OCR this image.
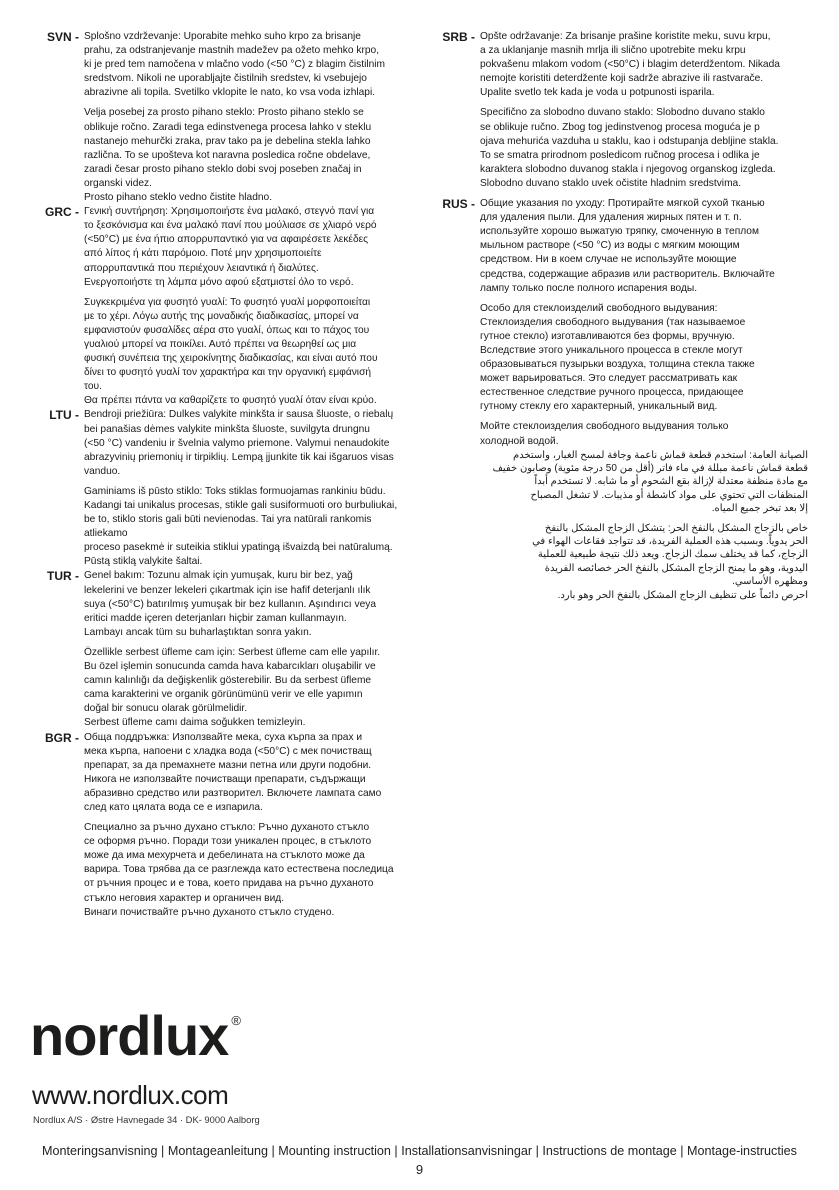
SVN - Splošno vzdrževanje: Uporabite mehko suho krpo za brisanje
prahu, za odstranjevanje mastnih madežev pa ožeto mehko krpo,
ki je pred tem namočena v mlačno vodo (<50 °C) z blagim čistilnim
sredstvom. Nikoli ne uporabljajte čistilnih sredstev, ki vsebujejo
abrazivne ali topila. Svetilko vklopite le nato, ko vsa voda izhlapi.

Velja posebej za prosto pihano steklo: Prosto pihano steklo se
oblikuje ročno. Zaradi tega edinstvenega procesa lahko v steklu
nastanejo mehurčki zraka, prav tako pa je debelina stekla lahko
različna. To se upošteva kot naravna posledica ročne obdelave,
zaradi česar prosto pihano steklo dobi svoj poseben značaj in
organski videz.
Prosto pihano steklo vedno čistite hladno.

GRC - Γενική συντήρηση: Χρησιμοποιήστε ένα μαλακό, στεγνό πανί για
το ξεσκόνισμα και ένα μαλακό πανί που μούλιασε σε χλιαρό νερό
(<50°C) με ένα ήπιο απορρυπαντικό για να αφαιρέσετε λεκέδες
από λίπος ή κάτι παρόμοιο. Ποτέ μην χρησιμοποιείτε
απορρυπαντικά που περιέχουν λειαντικά ή διαλύτες.
Ενεργοποιήστε τη λάμπα μόνο αφού εξατμιστεί όλο το νερό.

Συγκεκριμένα για φυσητό γυαλί: Το φυσητό γυαλί μορφοποιείται
με το χέρι. Λόγω αυτής της μοναδικής διαδικασίας, μπορεί να
εμφανιστούν φυσαλίδες αέρα στο γυαλί, όπως και το πάχος του
γυαλιού μπορεί να ποικίλει. Αυτό πρέπει να θεωρηθεί ως μια
φυσική συνέπεια της χειροκίνητης διαδικασίας, και είναι αυτό που
δίνει το φυσητό γυαλί τον χαρακτήρα και την οργανική εμφάνισή
του.
Θα πρέπει πάντα να καθαρίζετε το φυσητό γυαλί όταν είναι κρύο.

LTU - Bendroji priežiūra: Dulkes valykite minkšta ir sausa šluoste, o riebalų
bei panašias dėmes valykite minkšta šluoste, suvilgyta drungnu
(<50 °C) vandeniu ir švelnia valymo priemone. Valymui nenaudokite
abrazyvinių priemonių ir tirpiklių. Lempą įjunkite tik kai išgaruos visas
vanduo.

Gaminiams iš pūsto stiklo: Toks stiklas formuojamas rankiniu būdu.
Kadangi tai unikalus procesas, stikle gali susiformuoti oro burbuliukai,
be to, stiklo storis gali būti nevienodas. Tai yra natūrali rankomis atliekamo
proceso pasekmė ir suteikia stiklui ypatingą išvaizdą bei natūralumą.
Pūstą stiklą valykite šaltai.

TUR - Genel bakım: Tozunu almak için yumuşak, kuru bir bez, yağ
lekelerini ve benzer lekeleri çıkartmak için ise hafif deterjanlı ılık
suya (<50°C) batırılmış yumuşak bir bez kullanın. Aşındırıcı veya
eritici madde içeren deterjanları hiçbir zaman kullanmayın.
Lambayı ancak tüm su buharlaştıktan sonra yakın.

Özellikle serbest üfleme cam için: Serbest üfleme cam elle yapılır.
Bu özel işlemin sonucunda camda hava kabarcıkları oluşabilir ve
camın kalınlığı da değişkenlik gösterebilir. Bu da serbest üfleme
cama karakterini ve organik görünümünü verir ve elle yapımın
doğal bir sonucu olarak görülmelidir.
Serbest üfleme camı daima soğukken temizleyin.

BGR - Обща поддръжка: Използвайте мека, суха кърпа за прах и
мека кърпа, напоени с хладка вода (<50°C) с мек почистващ
препарат, за да премахнете мазни петна или други подобни.
Никога не използвайте почистващи препарати, съдържащи
абразивно средство или разтворител. Включете лампата само
след като цялата вода се е изпарила.

Специално за ръчно духано стъкло: Ръчно духаното стъкло
се оформя ръчно. Поради този уникален процес, в стъклото
може да има мехурчета и дебелината на стъклото може да
варира. Това трябва да се разглежда като естествена последица
от ръчния процес и е това, което придава на ръчно духаното
стъкло неговия характер и органичен вид.
Винаги почиствайте ръчно духаното стъкло студено.

SRB - Opšte održavanje: Za brisanje prašine koristite meku, suvu krpu,
a za uklanjanje masnih mrlja ili slično upotrebite meku krpu
pokvašenu mlakom vodom (<50°C) i blagim deterdžentom. Nikada
nemojte koristiti deterdžente koji sadrže abrazive ili rastvarače.
Upalite svetlo tek kada je voda u potpunosti isparila.

Specifično za slobodno duvano staklo: Slobodno duvano staklo
se oblikuje ručno. Zbog tog jedinstvenog procesa moguća je p
ojava mehurića vazduha u staklu, kao i odstupanja debljine stakla.
To se smatra prirodnom posledicom ručnog procesa i odlika je
karaktera slobodno duvanog stakla i njegovog organskog izgleda.
Slobodno duvano staklo uvek očistite hladnim sredstvima.

RUS - Общие указания по уходу: Протирайте мягкой сухой тканью
для удаления пыли. Для удаления жирных пятен и т. п.
используйте хорошо выжатую тряпку, смоченную в теплом
мыльном растворе (<50 °C) из воды с мягким моющим
средством. Ни в коем случае не используйте моющие
средства, содержащие абразив или растворитель. Включайте
лампу только после полного испарения воды.

Особо для стеклоизделий свободного выдувания:
Стеклоизделия свободного выдувания (так называемое
гутное стекло) изготавливаются без формы, вручную.
Вследствие этого уникального процесса в стекле могут
образовываться пузырьки воздуха, толщина стекла также
может варьироваться. Это следует рассматривать как
естественное следствие ручного процесса, придающее
гутному стеклу его характерный, уникальный вид.

Мойте стеклоизделия свободного выдувания только
холодной водой.

الصيانة العامة: استخدم قطعة قماش ناعمة وجافة لمسح الغبار، واستخدم
قطعة قماش ناعمة مبللة في ماء فاتر (أقل من 50 درجة مئوية) وصابون خفيف
مع مادة منظفة معتدلة لإزالة بقع الشحوم أو ما شابه. لا تستخدم أبداً
المنظفات التي تحتوي على مواد كاشطة أو مذيبات. لا تشغل المصباح
إلا بعد تبخر جميع المياه.

خاص بالزجاج المشكل بالنفخ الحر: يتشكل الزجاج المشكل بالنفخ
الحر يدوياً. وبسبب هذه العملية الفريدة، قد تتواجد فقاعات الهواء في
الزجاج، كما قد يختلف سمك الزجاج. ويعد ذلك نتيجة طبيعية للعملية
اليدوية، وهو ما يمنح الزجاج المشكل بالنفخ الحر خصائصه الفريدة
ومظهره الأساسي.
احرص دائماً على تنظيف الزجاج المشكل بالنفخ الحر وهو بارد.

nordlux ®
www.nordlux.com
Nordlux A/S · Østre Havnegade 34 · DK- 9000 Aalborg
Monteringsanvisning | Montageanleitung | Mounting instruction | Installationsanvisningar | Instructions de montage | Montage-instructies
9
